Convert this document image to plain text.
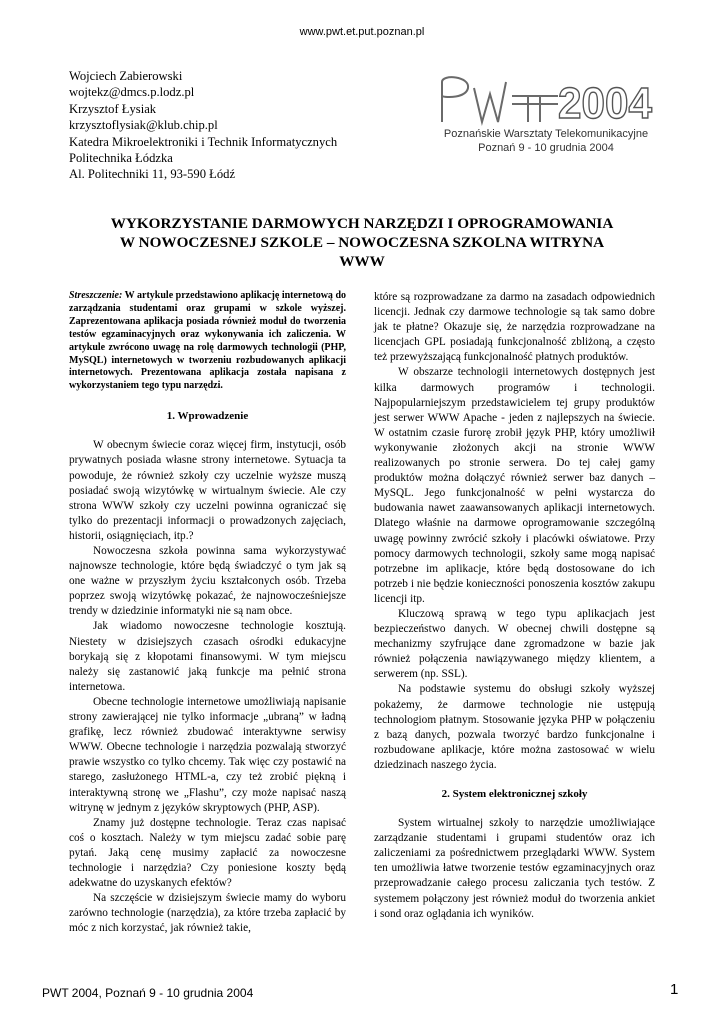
www.pwt.et.put.poznan.pl
Wojciech Zabierowski
wojtekz@dmcs.p.lodz.pl
Krzysztof Łysiak
krzysztoflysiak@klub.chip.pl
Katedra Mikroelektroniki i Technik Informatycznych
Politechnika Łódzka
Al. Politechniki 11, 93-590 Łódź
2004
Poznańskie Warsztaty Telekomunikacyjne
Poznań 9 - 10 grudnia 2004
WYKORZYSTANIE DARMOWYCH NARZĘDZI I OPROGRAMOWANIA
W NOWOCZESNEJ SZKOLE – NOWOCZESNA SZKOLNA WITRYNA
WWW
Streszczenie: W artykule przedstawiono aplikację internetową do zarządzania studentami oraz grupami w szkole wyższej. Zaprezentowana aplikacja posiada również moduł do tworzenia testów egzaminacyjnych oraz wykonywania ich zaliczenia. W artykule zwrócono uwagę na rolę darmowych technologii (PHP, MySQL) internetowych w tworzeniu rozbudowanych aplikacji internetowych. Prezentowana aplikacja została napisana z wykorzystaniem tego typu narzędzi.
1. Wprowadzenie

W obecnym świecie coraz więcej firm, instytucji, osób prywatnych posiada własne strony internetowe. Sytuacja ta powoduje, że również szkoły czy uczelnie wyższe muszą posiadać swoją wizytówkę w wirtualnym świecie. Ale czy strona WWW szkoły czy uczelni powinna ograniczać się tylko do prezentacji informacji o prowadzonych zajęciach, historii, osiągnięciach, itp.?

Nowoczesna szkoła powinna sama wykorzystywać najnowsze technologie, które będą świadczyć o tym jak są one ważne w przyszłym życiu kształconych osób. Trzeba poprzez swoją wizytówkę pokazać, że najnowocześniejsze trendy w dziedzinie informatyki nie są nam obce.

Jak wiadomo nowoczesne technologie kosztują. Niestety w dzisiejszych czasach ośrodki edukacyjne borykają się z kłopotami finansowymi. W tym miejscu należy się zastanowić jaką funkcje ma pełnić strona internetowa.

Obecne technologie internetowe umożliwiają napisanie strony zawierającej nie tylko informacje „ubraną” w ładną grafikę, lecz również zbudować interaktywne serwisy WWW. Obecne technologie i narzędzia pozwalają stworzyć prawie wszystko co tylko chcemy. Tak więc czy postawić na starego, zasłużonego HTML-a, czy też zrobić piękną i interaktywną stronę we „Flashu”, czy może napisać naszą witrynę w jednym z języków skryptowych (PHP, ASP).

Znamy już dostępne technologie. Teraz czas napisać coś o kosztach. Należy w tym miejscu zadać sobie parę pytań. Jaką cenę musimy zapłacić za nowoczesne technologie i narzędzia? Czy poniesione koszty będą adekwatne do uzyskanych efektów?

Na szczęście w dzisiejszym świecie mamy do wyboru zarówno technologie (narzędzia), za które trzeba zapłacić by móc z nich korzystać, jak również takie,

które są rozprowadzane za darmo na zasadach odpowiednich licencji. Jednak czy darmowe technologie są tak samo dobre jak te płatne? Okazuje się, że narzędzia rozprowadzane na licencjach GPL posiadają funkcjonalność zbliżoną, a często też przewyższającą funkcjonalność płatnych produktów.

W obszarze technologii internetowych dostępnych jest kilka darmowych programów i technologii. Najpopularniejszym przedstawicielem tej grupy produktów jest serwer WWW Apache - jeden z najlepszych na świecie. W ostatnim czasie furorę zrobił język PHP, który umożliwił wykonywanie złożonych akcji na stronie WWW realizowanych po stronie serwera. Do tej całej gamy produktów można dołączyć również serwer baz danych – MySQL. Jego funkcjonalność w pełni wystarcza do budowania nawet zaawansowanych aplikacji internetowych. Dlatego właśnie na darmowe oprogramowanie szczególną uwagę powinny zwrócić szkoły i placówki oświatowe. Przy pomocy darmowych technologii, szkoły same mogą napisać potrzebne im aplikacje, które będą dostosowane do ich potrzeb i nie będzie konieczności ponoszenia kosztów zakupu licencji itp.

Kluczową sprawą w tego typu aplikacjach jest bezpieczeństwo danych. W obecnej chwili dostępne są mechanizmy szyfrujące dane zgromadzone w bazie jak również połączenia nawiązywanego między klientem, a serwerem (np. SSL).

Na podstawie systemu do obsługi szkoły wyższej pokażemy, że darmowe technologie nie ustępują technologiom płatnym. Stosowanie języka PHP w połączeniu z bazą danych, pozwala tworzyć bardzo funkcjonalne i rozbudowane aplikacje, które można zastosować w wielu dziedzinach naszego życia.

2. System elektronicznej szkoły

System wirtualnej szkoły to narzędzie umożliwiające zarządzanie studentami i grupami studentów oraz ich zaliczeniami za pośrednictwem przeglądarki WWW. System ten umożliwia łatwe tworzenie testów egzaminacyjnych oraz przeprowadzanie całego procesu zaliczania tych testów. Z systemem połączony jest również moduł do tworzenia ankiet i sond oraz oglądania ich wyników.

PWT 2004, Poznań 9 - 10 grudnia 2004	1
